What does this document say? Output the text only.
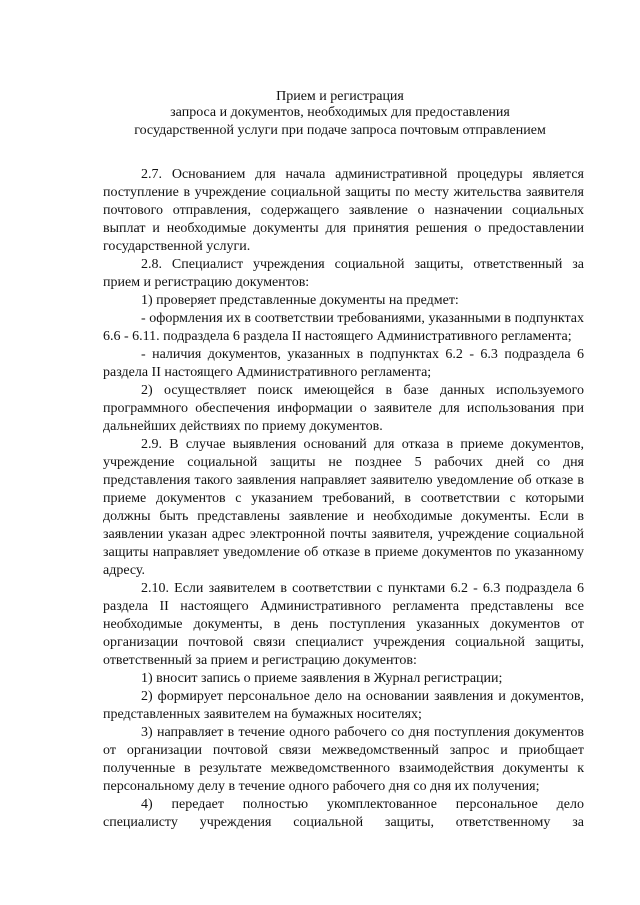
Прием и регистрация
запроса и документов, необходимых для предоставления
государственной услуги при подаче запроса почтовым отправлением

2.7. Основанием для начала административной процедуры является поступление в учреждение социальной защиты по месту жительства заявителя почтового отправления, содержащего заявление о назначении социальных выплат и необходимые документы для принятия решения о предоставлении государственной услуги.

2.8. Специалист учреждения социальной защиты, ответственный за прием и регистрацию документов:

1) проверяет представленные документы на предмет:

- оформления их в соответствии требованиями, указанными в подпунктах 6.6 - 6.11. подраздела 6 раздела II настоящего Административного регламента;

- наличия документов, указанных в подпунктах 6.2 - 6.3 подраздела 6 раздела II настоящего Административного регламента;

2) осуществляет поиск имеющейся в базе данных используемого программного обеспечения информации о заявителе для использования при дальнейших действиях по приему документов.

2.9. В случае выявления оснований для отказа в приеме документов, учреждение социальной защиты не позднее 5 рабочих дней со дня представления такого заявления направляет заявителю уведомление об отказе в приеме документов с указанием требований, в соответствии с которыми должны быть представлены заявление и необходимые документы. Если в заявлении указан адрес электронной почты заявителя, учреждение социальной защиты направляет уведомление об отказе в приеме документов по указанному адресу.

2.10. Если заявителем в соответствии с пунктами 6.2 - 6.3 подраздела 6 раздела II настоящего Административного регламента представлены все необходимые документы, в день поступления указанных документов от организации почтовой связи специалист учреждения социальной защиты, ответственный за прием и регистрацию документов:

1) вносит запись о приеме заявления в Журнал регистрации;

2) формирует персональное дело на основании заявления и документов, представленных заявителем на бумажных носителях;

3) направляет в течение одного рабочего со дня поступления документов от организации почтовой связи межведомственный запрос и приобщает полученные в результате межведомственного взаимодействия документы к персональному делу в течение одного рабочего дня со дня их получения;

4) передает полностью укомплектованное персональное дело специалисту учреждения социальной защиты, ответственному за
